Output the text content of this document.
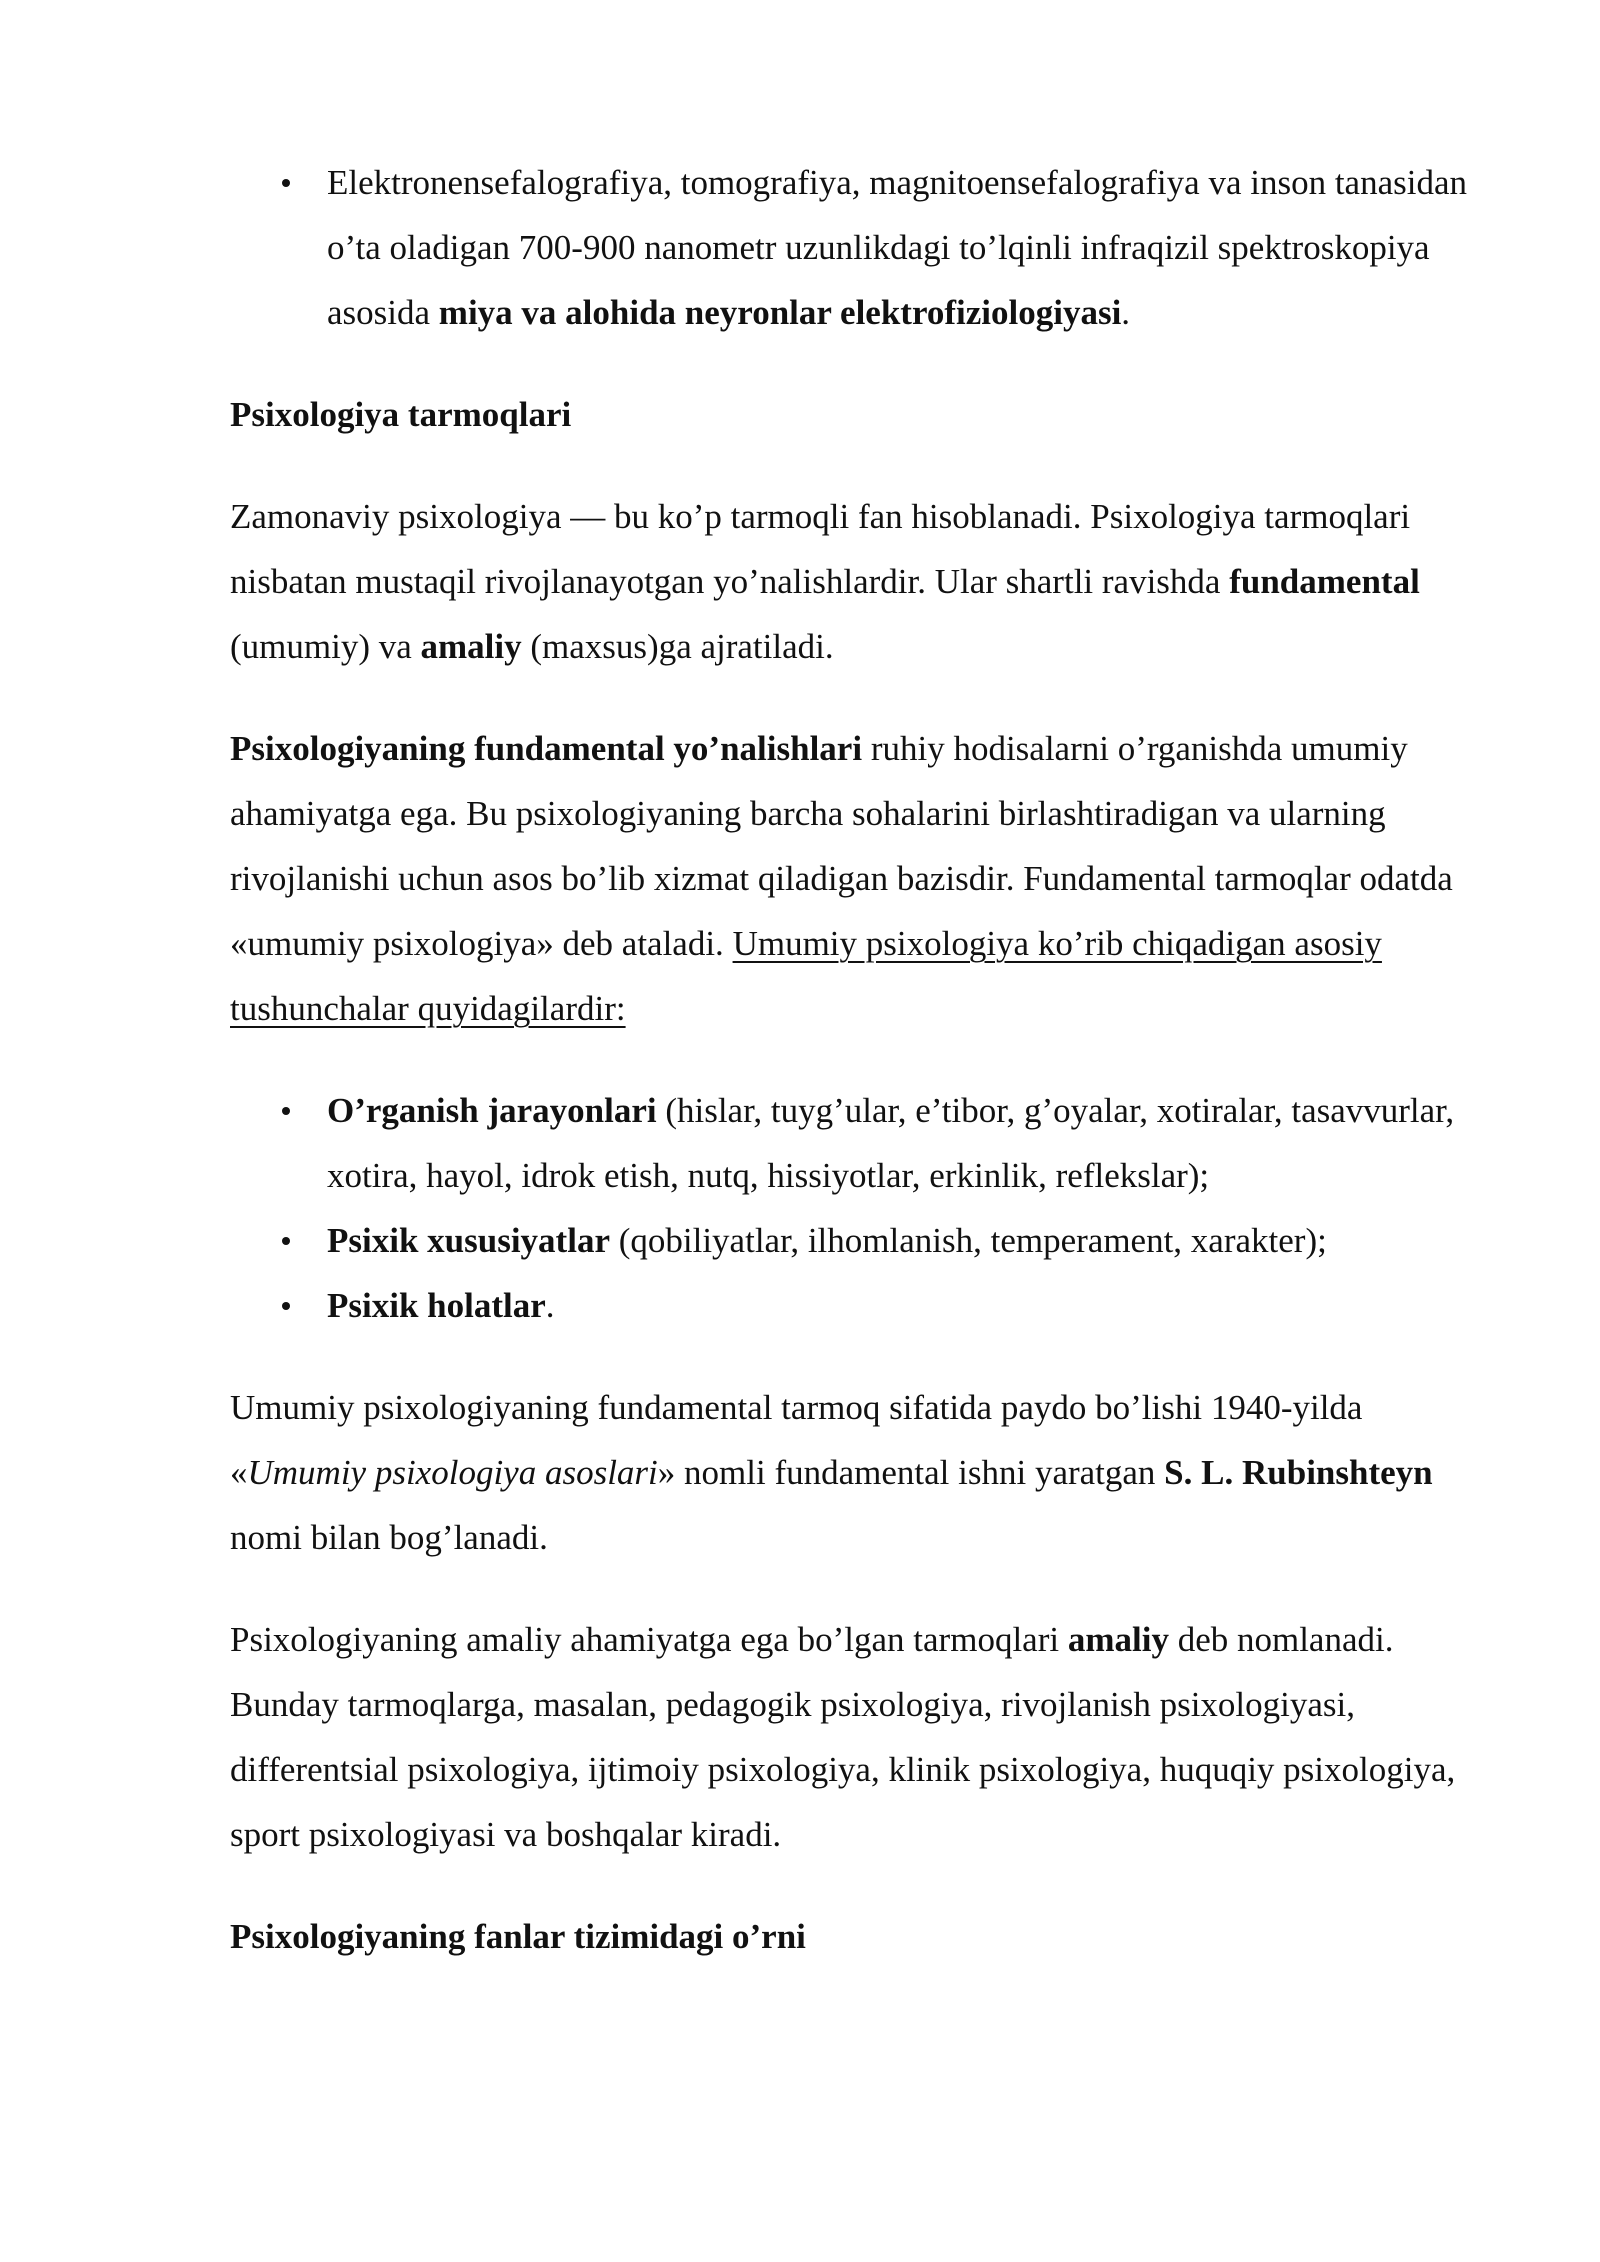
Elektronensefalografiya, tomografiya, magnitoensefalografiya va inson tanasidan o’ta oladigan 700-900 nanometr uzunlikdagi to’lqinli infraqizil spektroskopiya asosida miya va alohida neyronlar elektrofiziologiyasi.

Psixologiya tarmoqlari

Zamonaviy psixologiya — bu ko’p tarmoqli fan hisoblanadi. Psixologiya tarmoqlari nisbatan mustaqil rivojlanayotgan yo’nalishlardir. Ular shartli ravishda fundamental (umumiy) va amaliy (maxsus)ga ajratiladi.

Psixologiyaning fundamental yo’nalishlari ruhiy hodisalarni o’rganishda umumiy ahamiyatga ega. Bu psixologiyaning barcha sohalarini birlashtiradigan va ularning rivojlanishi uchun asos bo’lib xizmat qiladigan bazisdir. Fundamental tarmoqlar odatda «umumiy psixologiya» deb ataladi. Umumiy psixologiya ko’rib chiqadigan asosiy tushunchalar quyidagilardir:

O’rganish jarayonlari (hislar, tuyg’ular, e’tibor, g’oyalar, xotiralar, tasavvurlar, xotira, hayol, idrok etish, nutq, hissiyotlar, erkinlik, reflekslar);
Psixik xususiyatlar (qobiliyatlar, ilhomlanish, temperament, xarakter);
Psixik holatlar.

Umumiy psixologiyaning fundamental tarmoq sifatida paydo bo’lishi 1940-yilda «Umumiy psixologiya asoslari» nomli fundamental ishni yaratgan S. L. Rubinshteyn nomi bilan bog’lanadi.

Psixologiyaning amaliy ahamiyatga ega bo’lgan tarmoqlari amaliy deb nomlanadi. Bunday tarmoqlarga, masalan, pedagogik psixologiya, rivojlanish psixologiyasi, differentsial psixologiya, ijtimoiy psixologiya, klinik psixologiya, huquqiy psixologiya, sport psixologiyasi va boshqalar kiradi.

Psixologiyaning fanlar tizimidagi o’rni
